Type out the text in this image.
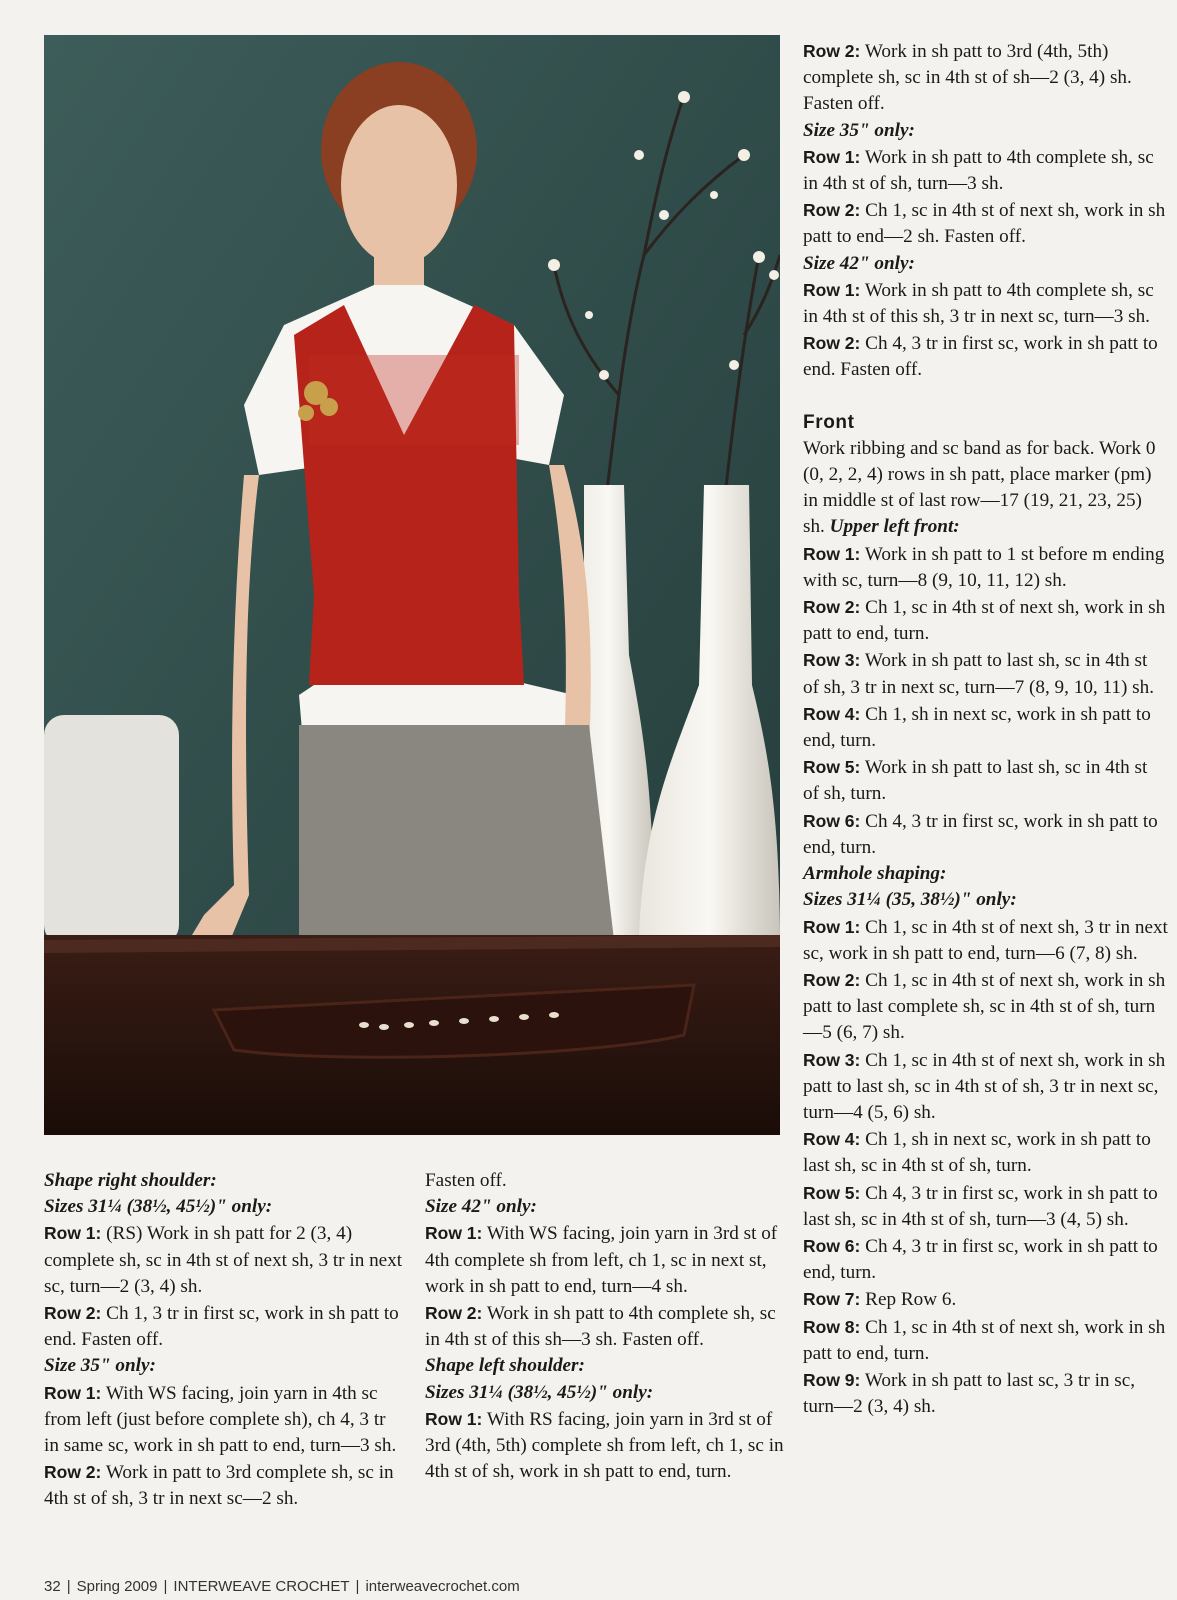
Row 2: Work in sh patt to 3rd (4th, 5th) complete sh, sc in 4th st of sh—2 (3, 4) sh. Fasten off.

Size 35" only:

Row 1: Work in sh patt to 4th complete sh, sc in 4th st of sh, turn—3 sh.

Row 2: Ch 1, sc in 4th st of next sh, work in sh patt to end—2 sh. Fasten off.

Size 42" only:

Row 1: Work in sh patt to 4th complete sh, sc in 4th st of this sh, 3 tr in next sc, turn—3 sh.

Row 2: Ch 4, 3 tr in first sc, work in sh patt to end. Fasten off.

Front

Work ribbing and sc band as for back. Work 0 (0, 2, 2, 4) rows in sh patt, place marker (pm) in middle st of last row—17 (19, 21, 23, 25) sh. Upper left front:

Row 1: Work in sh patt to 1 st before m ending with sc, turn—8 (9, 10, 11, 12) sh.

Row 2: Ch 1, sc in 4th st of next sh, work in sh patt to end, turn.

Row 3: Work in sh patt to last sh, sc in 4th st of sh, 3 tr in next sc, turn—7 (8, 9, 10, 11) sh.

Row 4: Ch 1, sh in next sc, work in sh patt to end, turn.

Row 5: Work in sh patt to last sh, sc in 4th st of sh, turn.

Row 6: Ch 4, 3 tr in first sc, work in sh patt to end, turn.

Armhole shaping:

Sizes 31¼ (35, 38½)" only:

Row 1: Ch 1, sc in 4th st of next sh, 3 tr in next sc, work in sh patt to end, turn—6 (7, 8) sh.

Row 2: Ch 1, sc in 4th st of next sh, work in sh patt to last complete sh, sc in 4th st of sh, turn—5 (6, 7) sh.

Row 3: Ch 1, sc in 4th st of next sh, work in sh patt to last sh, sc in 4th st of sh, 3 tr in next sc, turn—4 (5, 6) sh.

Row 4: Ch 1, sh in next sc, work in sh patt to last sh, sc in 4th st of sh, turn.

Row 5: Ch 4, 3 tr in first sc, work in sh patt to last sh, sc in 4th st of sh, turn—3 (4, 5) sh.

Row 6: Ch 4, 3 tr in first sc, work in sh patt to end, turn.

Row 7: Rep Row 6.

Row 8: Ch 1, sc in 4th st of next sh, work in sh patt to end, turn.

Row 9: Work in sh patt to last sc, 3 tr in sc, turn—2 (3, 4) sh.

Shape right shoulder:

Sizes 31¼ (38½, 45½)" only:

Row 1: (RS) Work in sh patt for 2 (3, 4) complete sh, sc in 4th st of next sh, 3 tr in next sc, turn—2 (3, 4) sh.

Row 2: Ch 1, 3 tr in first sc, work in sh patt to end. Fasten off.

Size 35" only:

Row 1: With WS facing, join yarn in 4th sc from left (just before complete sh), ch 4, 3 tr in same sc, work in sh patt to end, turn—3 sh.

Row 2: Work in patt to 3rd complete sh, sc in 4th st of sh, 3 tr in next sc—2 sh.

Fasten off.

Size 42" only:

Row 1: With WS facing, join yarn in 3rd st of 4th complete sh from left, ch 1, sc in next st, work in sh patt to end, turn—4 sh.

Row 2: Work in sh patt to 4th complete sh, sc in 4th st of this sh—3 sh. Fasten off.

Shape left shoulder:

Sizes 31¼ (38½, 45½)" only:

Row 1: With RS facing, join yarn in 3rd st of 3rd (4th, 5th) complete sh from left, ch 1, sc in 4th st of sh, work in sh patt to end, turn.

32 | Spring 2009 | INTERWEAVE CROCHET | interweavecrochet.com
